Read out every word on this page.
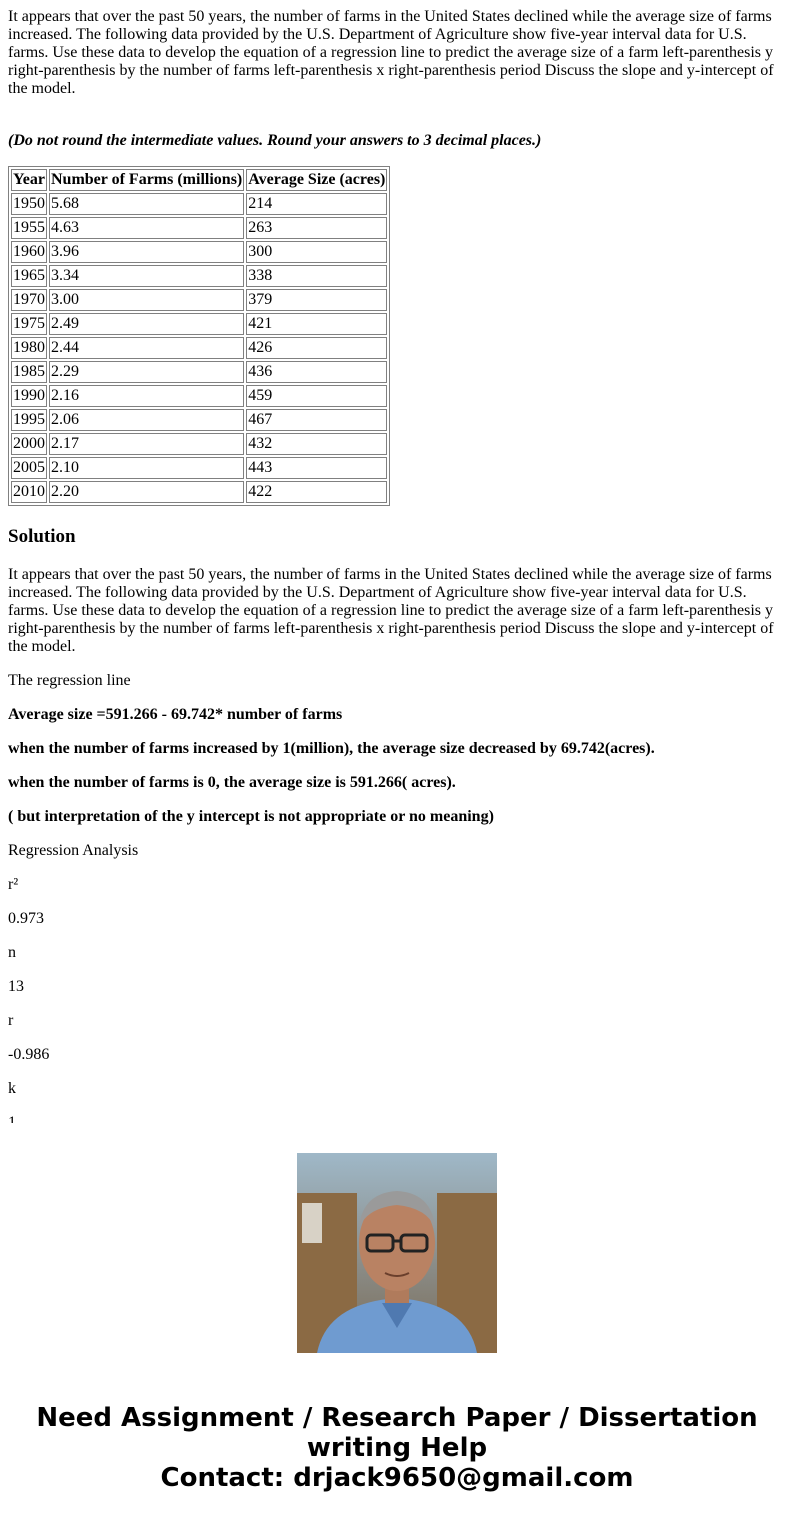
It appears that over the past 50 years, the number of farms in the United States declined while the average size of farms increased. The following data provided by the U.S. Department of Agriculture show five-year interval data for U.S. farms. Use these data to develop the equation of a regression line to predict the average size of a farm left-parenthesis y right-parenthesis by the number of farms left-parenthesis x right-parenthesis period Discuss the slope and y-intercept of the model.

(Do not round the intermediate values. Round your answers to 3 decimal places.)

Year	Number of Farms (millions)	Average Size (acres)
1950	5.68	214
1955	4.63	263
1960	3.96	300
1965	3.34	338
1970	3.00	379
1975	2.49	421
1980	2.44	426
1985	2.29	436
1990	2.16	459
1995	2.06	467
2000	2.17	432
2005	2.10	443
2010	2.20	422
Solution

It appears that over the past 50 years, the number of farms in the United States declined while the average size of farms increased. The following data provided by the U.S. Department of Agriculture show five-year interval data for U.S. farms. Use these data to develop the equation of a regression line to predict the average size of a farm left-parenthesis y right-parenthesis by the number of farms left-parenthesis x right-parenthesis period Discuss the slope and y-intercept of the model.

The regression line

Average size =591.266 - 69.742* number of farms

when the number of farms increased by 1(million), the average size decreased by 69.742(acres).

when the number of farms is 0, the average size is 591.266( acres).

( but interpretation of the y intercept is not appropriate or no meaning)

Regression Analysis

r²

0.973

n

13

r

-0.986

k

Need Assignment / Research Paper / Dissertation
writing Help
Contact: drjack9650@gmail.com
